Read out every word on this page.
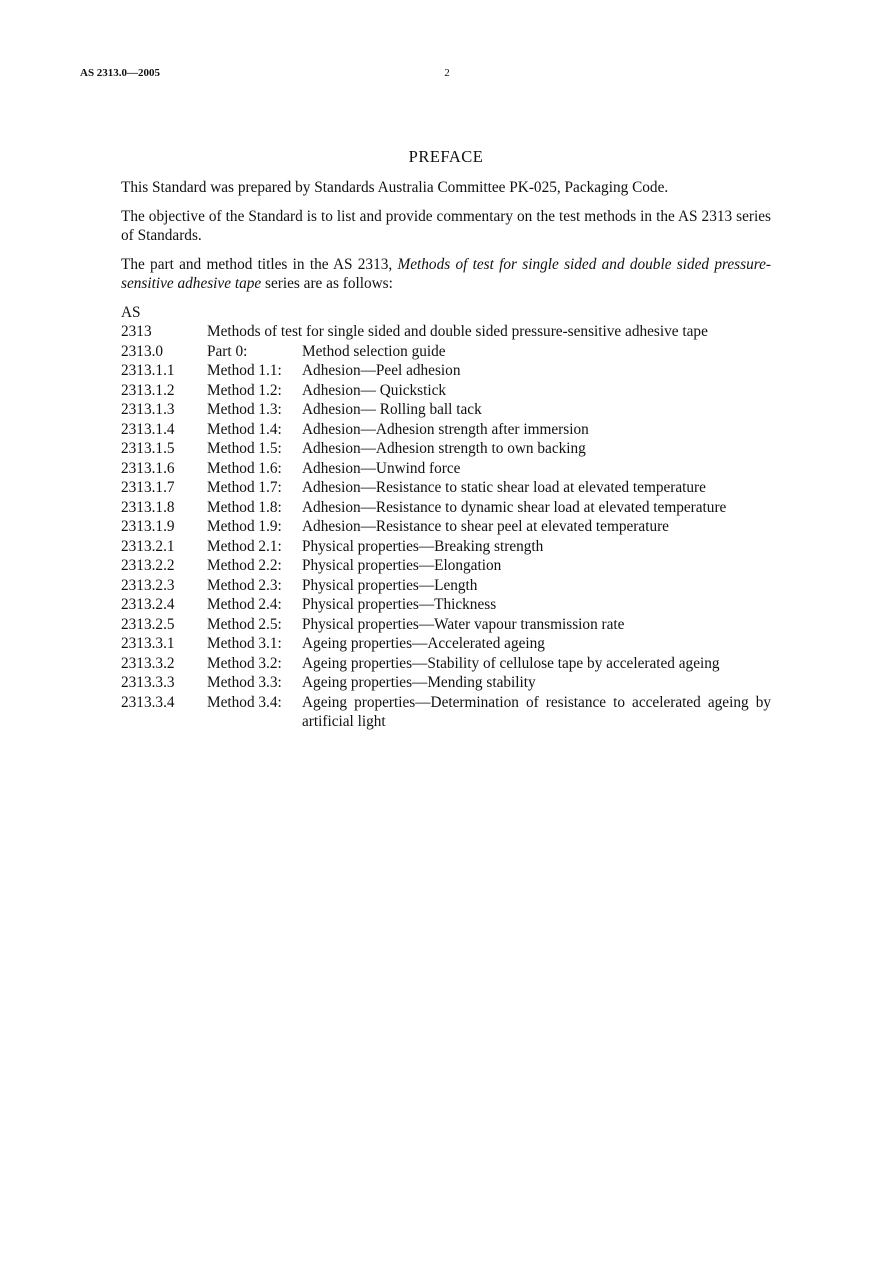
AS 2313.0—2005	2
PREFACE

This Standard was prepared by Standards Australia Committee PK-025, Packaging Code.

The objective of the Standard is to list and provide commentary on the test methods in the AS 2313 series of Standards.

The part and method titles in the AS 2313, Methods of test for single sided and double sided pressure-sensitive adhesive tape series are as follows:

AS
2313	Methods of test for single sided and double sided pressure-sensitive adhesive tape
2313.0	Part 0:	Method selection guide
2313.1.1	Method 1.1:	Adhesion—Peel adhesion
2313.1.2	Method 1.2:	Adhesion— Quickstick
2313.1.3	Method 1.3:	Adhesion— Rolling ball tack
2313.1.4	Method 1.4:	Adhesion—Adhesion strength after immersion
2313.1.5	Method 1.5:	Adhesion—Adhesion strength to own backing
2313.1.6	Method 1.6:	Adhesion—Unwind force
2313.1.7	Method 1.7:	Adhesion—Resistance to static shear load at elevated temperature
2313.1.8	Method 1.8:	Adhesion—Resistance to dynamic shear load at elevated temperature
2313.1.9	Method 1.9:	Adhesion—Resistance to shear peel at elevated temperature
2313.2.1	Method 2.1:	Physical properties—Breaking strength
2313.2.2	Method 2.2:	Physical properties—Elongation
2313.2.3	Method 2.3:	Physical properties—Length
2313.2.4	Method 2.4:	Physical properties—Thickness
2313.2.5	Method 2.5:	Physical properties—Water vapour transmission rate
2313.3.1	Method 3.1:	Ageing properties—Accelerated ageing
2313.3.2	Method 3.2:	Ageing properties—Stability of cellulose tape by accelerated ageing
2313.3.3	Method 3.3:	Ageing properties—Mending stability
2313.3.4	Method 3.4:	Ageing properties—Determination of resistance to accelerated ageing by artificial light
